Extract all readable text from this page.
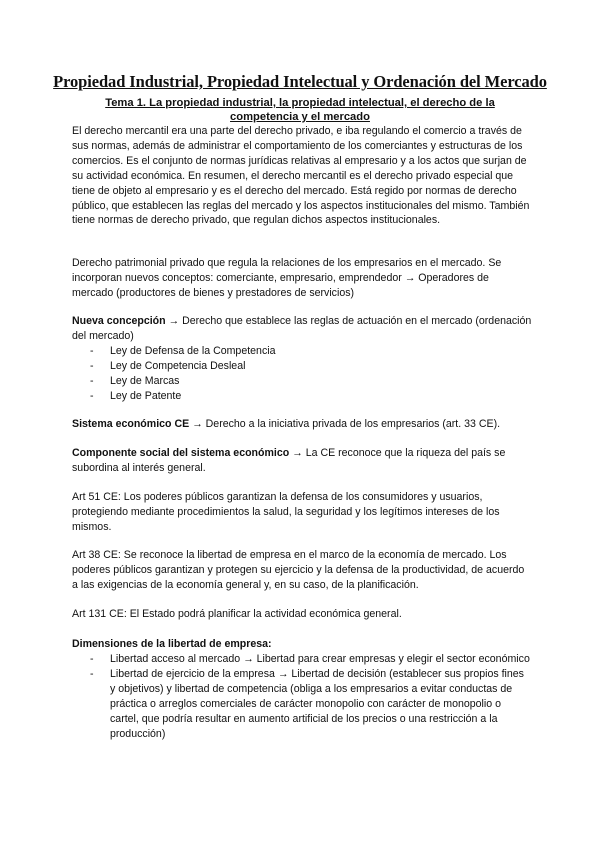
Propiedad Industrial, Propiedad Intelectual y Ordenación del Mercado
Tema 1. La propiedad industrial, la propiedad intelectual, el derecho de la competencia y el mercado

El derecho mercantil era una parte del derecho privado, e iba regulando el comercio a través de sus normas, además de administrar el comportamiento de los comerciantes y estructuras de los comercios. Es el conjunto de normas jurídicas relativas al empresario y a los actos que surjan de su actividad económica. En resumen, el derecho mercantil es el derecho privado especial que tiene de objeto al empresario y es el derecho del mercado. Está regido por normas de derecho público, que establecen las reglas del mercado y los aspectos institucionales del mismo. También tiene normas de derecho privado, que regulan dichos aspectos institucionales.

Derecho patrimonial privado que regula la relaciones de los empresarios en el mercado. Se incorporan nuevos conceptos: comerciante, empresario, emprendedor → Operadores de mercado (productores de bienes y prestadores de servicios)

Nueva concepción → Derecho que establece las reglas de actuación en el mercado (ordenación del mercado)

- Ley de Defensa de la Competencia
- Ley de Competencia Desleal
- Ley de Marcas
- Ley de Patente

Sistema económico CE → Derecho a la iniciativa privada de los empresarios (art. 33 CE).

Componente social del sistema económico → La CE reconoce que la riqueza del país se subordina al interés general.

Art 51 CE: Los poderes públicos garantizan la defensa de los consumidores y usuarios, protegiendo mediante procedimientos la salud, la seguridad y los legítimos intereses de los mismos.

Art 38 CE: Se reconoce la libertad de empresa en el marco de la economía de mercado. Los poderes públicos garantizan y protegen su ejercicio y la defensa de la productividad, de acuerdo a las exigencias de la economía general y, en su caso, de la planificación.

Art 131 CE: El Estado podrá planificar la actividad económica general.

Dimensiones de la libertad de empresa:

- Libertad acceso al mercado → Libertad para crear empresas y elegir el sector económico
- Libertad de ejercicio de la empresa → Libertad de decisión (establecer sus propios fines y objetivos) y libertad de competencia (obliga a los empresarios a evitar conductas de práctica o arreglos comerciales de carácter monopolio con carácter de monopolio o cartel, que podría resultar en aumento artificial de los precios o una restricción a la producción)
